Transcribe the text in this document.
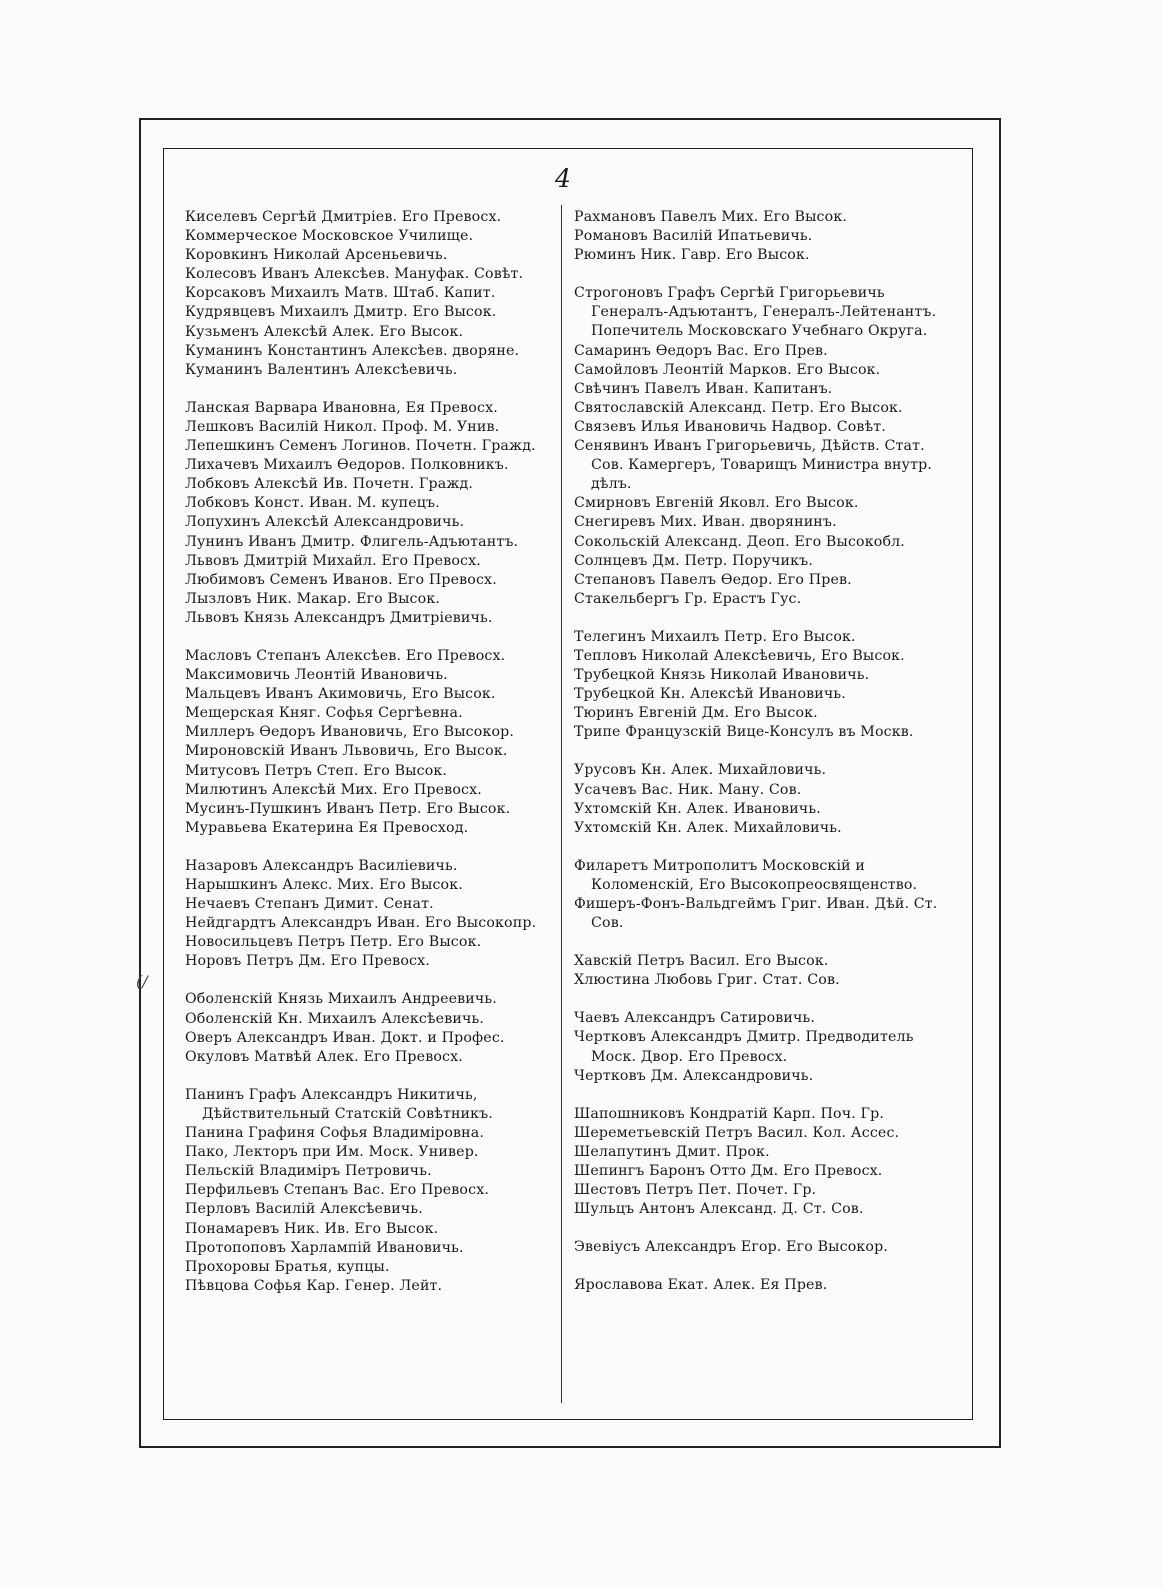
4
(/
Киселевъ Сергѣй Дмитріев. Его Превосх.
Коммерческое Московское Училище.
Коровкинъ Николай Арсеньевичь.
Колесовъ Иванъ Алексѣев. Мануфак. Совѣт.
Корсаковъ Михаилъ Матв. Штаб. Капит.
Кудрявцевъ Михаилъ Дмитр. Его Высок.
Кузьменъ Алексѣй Алек. Его Высок.
Куманинъ Константинъ Алексѣев. дворяне.
Куманинъ Валентинъ Алексѣевичь.
Ланская Варвара Ивановна, Ея Превосх.
Лешковъ Василій Никол. Проф. М. Унив.
Лепешкинъ Семенъ Логинов. Почетн. Гражд.
Лихачевъ Михаилъ Ѳедоров. Полковникъ.
Лобковъ Алексѣй Ив. Почетн. Гражд.
Лобковъ Конст. Иван. М. купецъ.
Лопухинъ Алексѣй Александровичь.
Лунинъ Иванъ Дмитр. Флигель-Адъютантъ.
Львовъ Дмитрій Михайл. Его Превосх.
Любимовъ Семенъ Иванов. Его Превосх.
Лызловъ Ник. Макар. Его Высок.
Львовъ Князь Александръ Дмитріевичь.
Масловъ Степанъ Алексѣев. Его Превосх.
Максимовичь Леонтій Ивановичь.
Мальцевъ Иванъ Акимовичь, Его Высок.
Мещерская Княг. Софья Сергѣевна.
Миллеръ Ѳедоръ Ивановичь, Его Высокор.
Мироновскій Иванъ Львовичь, Его Высок.
Митусовъ Петръ Степ. Его Высок.
Милютинъ Алексѣй Мих. Его Превосх.
Мусинъ-Пушкинъ Иванъ Петр. Его Высок.
Муравьева Екатерина Ея Превосход.
Назаровъ Александръ Василіевичь.
Нарышкинъ Алекс. Мих. Его Высок.
Нечаевъ Степанъ Димит. Сенат.
Нейдгардтъ Александръ Иван. Его Высокопр.
Новосильцевъ Петръ Петр. Его Высок.
Норовъ Петръ Дм. Его Превосх.
Оболенскій Князь Михаилъ Андреевичь.
Оболенскій Кн. Михаилъ Алексѣевичь.
Оверъ Александръ Иван. Докт. и Профес.
Окуловъ Матвѣй Алек. Его Превосх.
Панинъ Графъ Александръ Никитичь, Дѣйствительный Статскій Совѣтникъ.
Панина Графиня Софья Владиміровна.
Пако, Лекторъ при Им. Моск. Универ.
Пельскій Владиміръ Петровичь.
Перфильевъ Степанъ Вас. Его Превосх.
Перловъ Василій Алексѣевичь.
Понамаревъ Ник. Ив. Его Высок.
Протопоповъ Харлампій Ивановичь.
Прохоровы Братья, купцы.
Пѣвцова Софья Кар. Генер. Лейт.
Рахмановъ Павелъ Мих. Его Высок.
Романовъ Василій Ипатьевичь.
Рюминъ Ник. Гавр. Его Высок.
Строгоновъ Графъ Сергѣй Григорьевичь Генералъ-Адъютантъ, Генералъ-Лейтенантъ. Попечитель Московскаго Учебнаго Округа.
Самаринъ Ѳедоръ Вас. Его Прев.
Самойловъ Леонтій Марков. Его Высок.
Свѣчинъ Павелъ Иван. Капитанъ.
Святославскій Александ. Петр. Его Высок.
Связевъ Илья Ивановичь Надвор. Совѣт.
Сенявинъ Иванъ Григорьевичь, Дѣйств. Стат. Сов. Камергеръ, Товарищъ Министра внутр. дѣлъ.
Смирновъ Евгеній Яковл. Его Высок.
Снегиревъ Мих. Иван. дворянинъ.
Сокольскій Александ. Деоп. Его Высокобл.
Солнцевъ Дм. Петр. Поручикъ.
Степановъ Павелъ Ѳедор. Его Прев.
Стакельбергъ Гр. Ерастъ Гус.
Телегинъ Михаилъ Петр. Его Высок.
Тепловъ Николай Алексѣевичь, Его Высок.
Трубецкой Князь Николай Ивановичь.
Трубецкой Кн. Алексѣй Ивановичь.
Тюринъ Евгеній Дм. Его Высок.
Трипе Французскій Вице-Консулъ въ Москв.
Урусовъ Кн. Алек. Михайловичь.
Усачевъ Вас. Ник. Ману. Сов.
Ухтомскій Кн. Алек. Ивановичь.
Ухтомскій Кн. Алек. Михайловичь.
Филаретъ Митрополитъ Московскій и Коломенскій, Его Высокопреосвященство.
Фишеръ-Фонъ-Вальдгеймъ Григ. Иван. Дѣй. Ст. Сов.
Хавскій Петръ Васил. Его Высок.
Хлюстина Любовь Григ. Стат. Сов.
Чаевъ Александръ Сатировичь.
Чертковъ Александръ Дмитр. Предводитель Моск. Двор. Его Превосх.
Чертковъ Дм. Александровичь.
Шапошниковъ Кондратій Карп. Поч. Гр.
Шереметьевскій Петръ Васил. Кол. Ассес.
Шелапутинъ Дмит. Прок.
Шепингъ Баронъ Отто Дм. Его Превосх.
Шестовъ Петръ Пет. Почет. Гр.
Шульцъ Антонъ Александ. Д. Ст. Сов.
Эвевіусъ Александръ Егор. Его Высокор.
Ярославова Екат. Алек. Ея Прев.
